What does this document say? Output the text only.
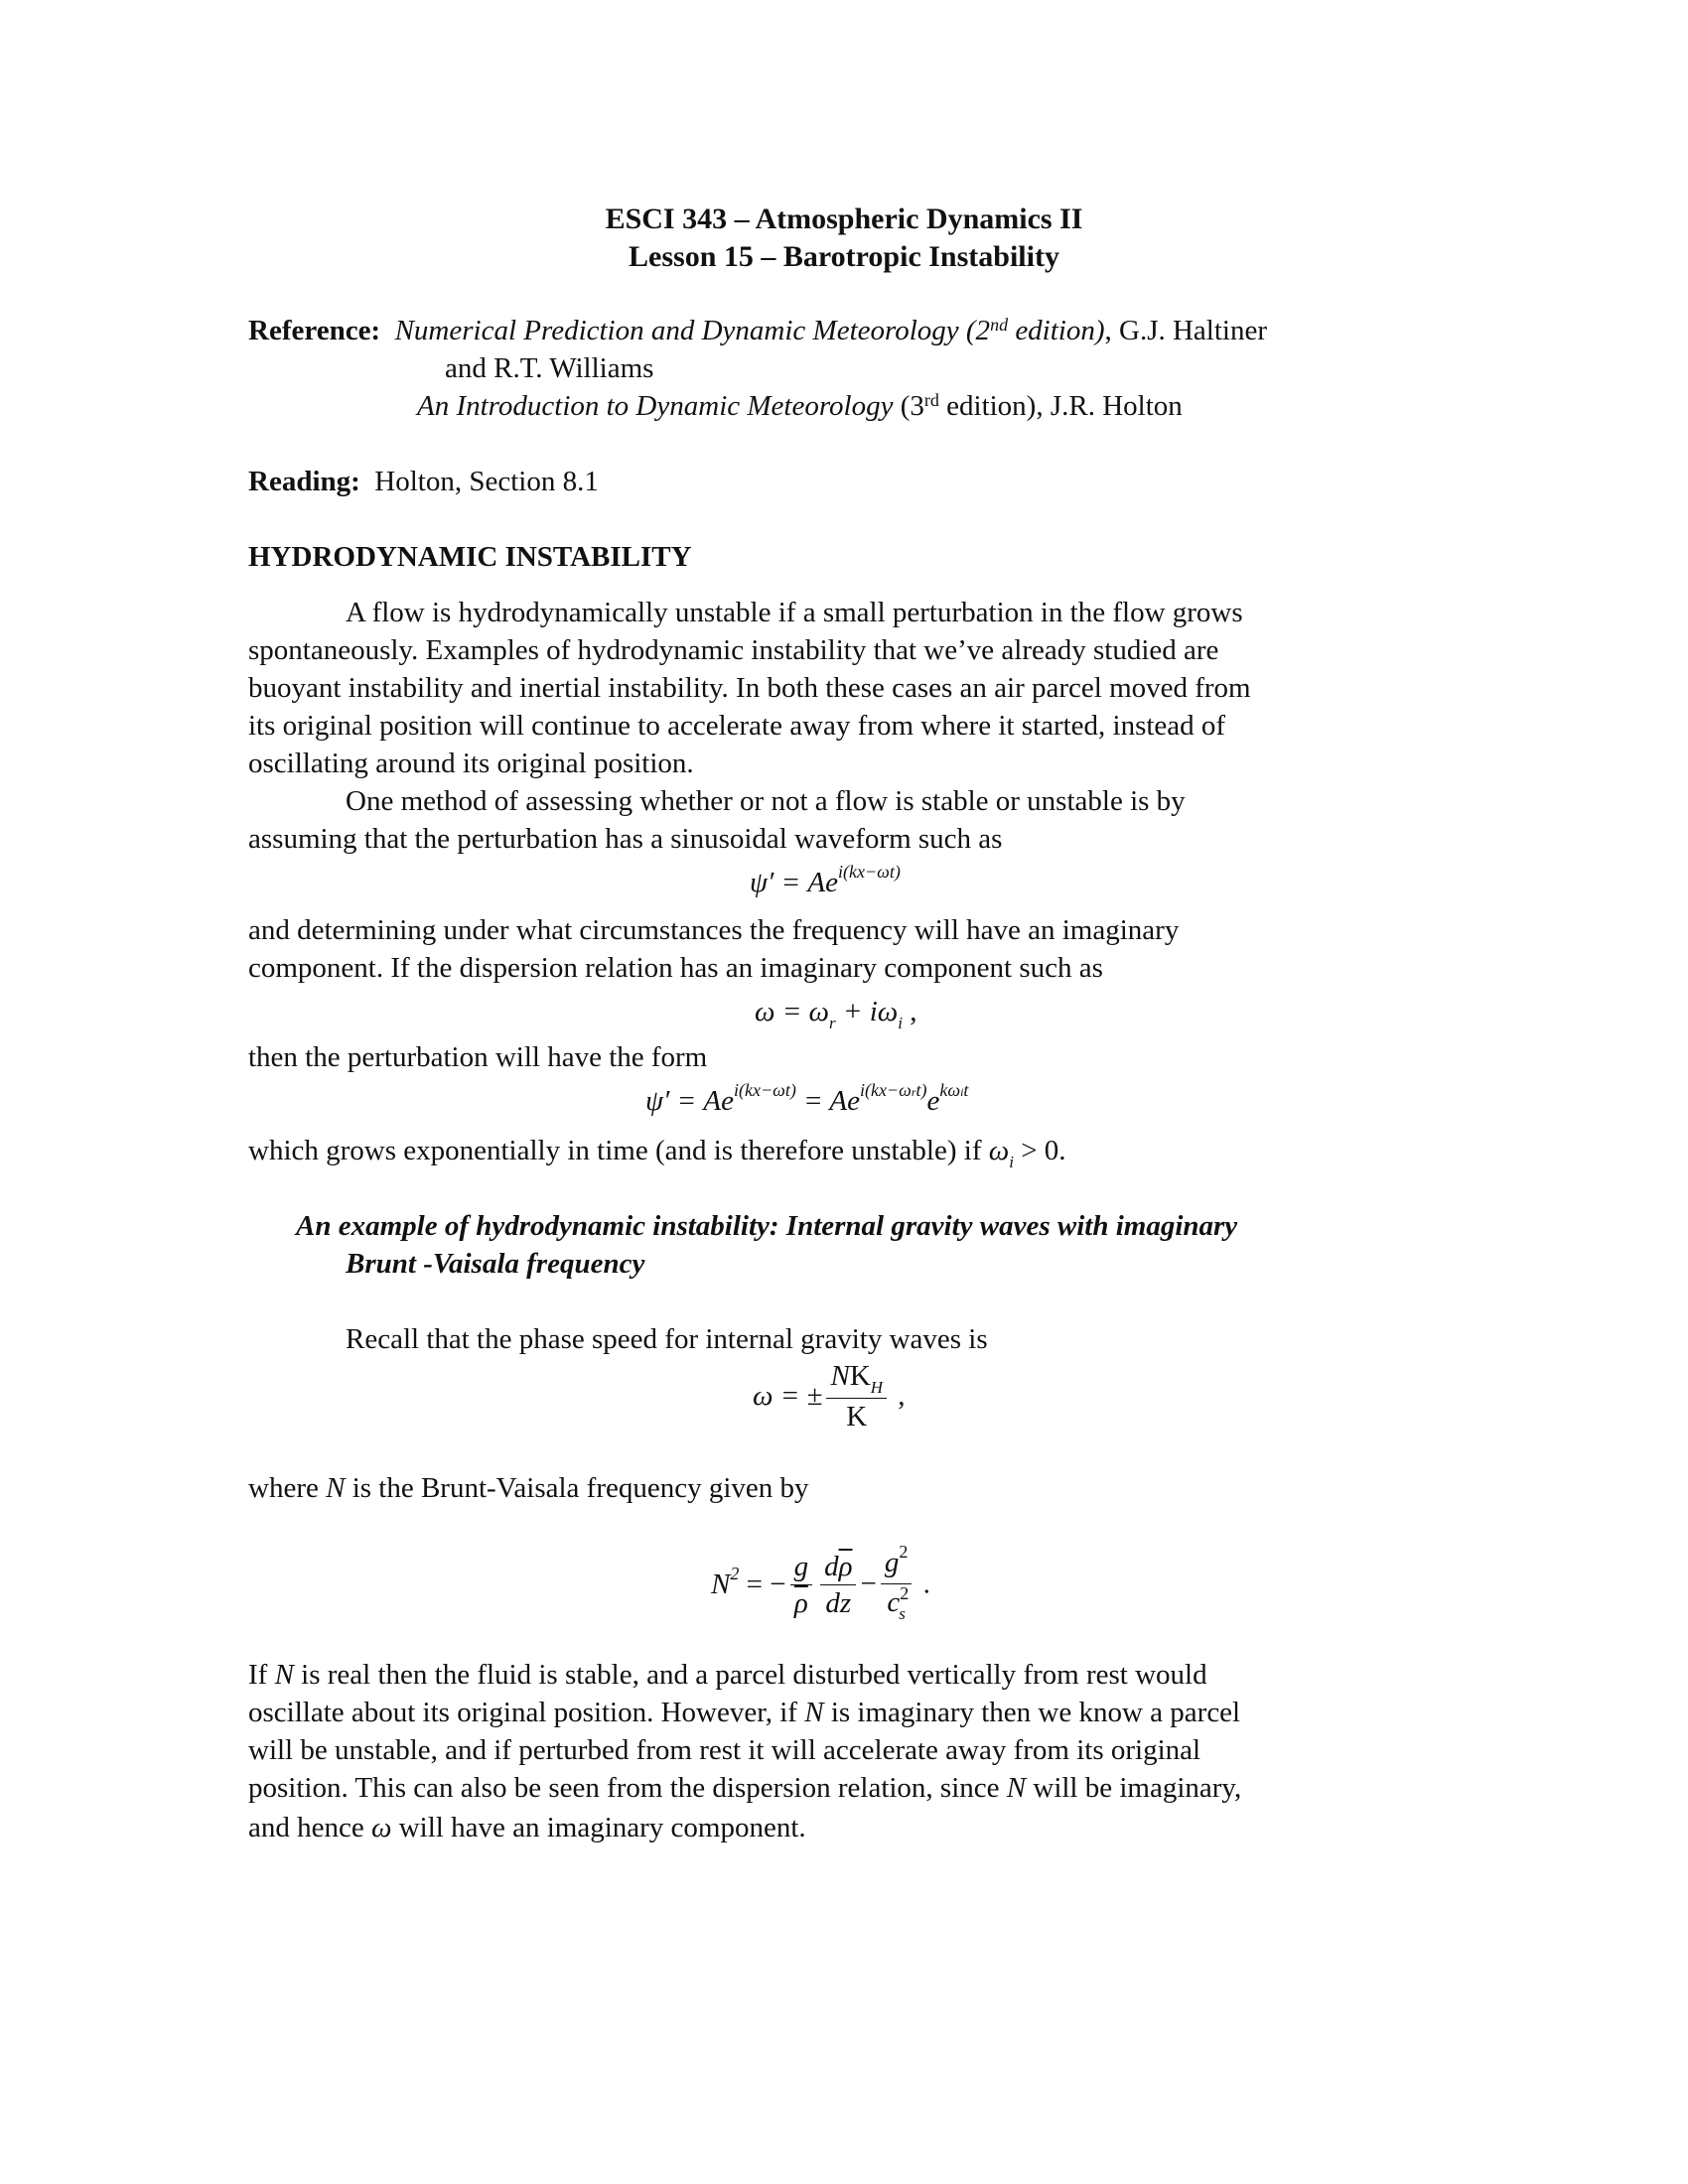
ESCI 343 – Atmospheric Dynamics II
Lesson 15 – Barotropic Instability
Reference: Numerical Prediction and Dynamic Meteorology (2nd edition), G.J. Haltiner
and R.T. Williams
An Introduction to Dynamic Meteorology (3rd edition), J.R. Holton
Reading: Holton, Section 8.1
HYDRODYNAMIC INSTABILITY
A flow is hydrodynamically unstable if a small perturbation in the flow grows
spontaneously. Examples of hydrodynamic instability that we’ve already studied are
buoyant instability and inertial instability. In both these cases an air parcel moved from
its original position will continue to accelerate away from where it started, instead of
oscillating around its original position.
One method of assessing whether or not a flow is stable or unstable is by
assuming that the perturbation has a sinusoidal waveform such as
$\psi' = Ae^{i(kx-\omega t)}$
and determining under what circumstances the frequency will have an imaginary
component. If the dispersion relation has an imaginary component such as
$\omega = \omega_r + i\omega_i$ ,
then the perturbation will have the form
$\psi' = Ae^{i(kx-\omega t)} = Ae^{i(kx-\omega rt)}e^{k\omega it}$
which grows exponentially in time (and is therefore unstable) if $\omega_i > 0$.
An example of hydrodynamic instability: Internal gravity waves with imaginary
Brunt -Vaisala frequency
Recall that the phase speed for internal gravity waves is
ω = ± $\frac{NK_H}{K}$ ,
where N is the Brunt-Vaisala frequency given by
$N^2$ = − $\frac{g}{\rho} \frac{d\overline{\rho}}{dz} - \frac{g^2}{c^2_s}$ .
If N is real then the fluid is stable, and a parcel disturbed vertically from rest would
oscillate about its original position. However, if N is imaginary then we know a parcel
will be unstable, and if perturbed from rest it will accelerate away from its original
position. This can also be seen from the dispersion relation, since N will be imaginary,
and hence ω will have an imaginary component.
